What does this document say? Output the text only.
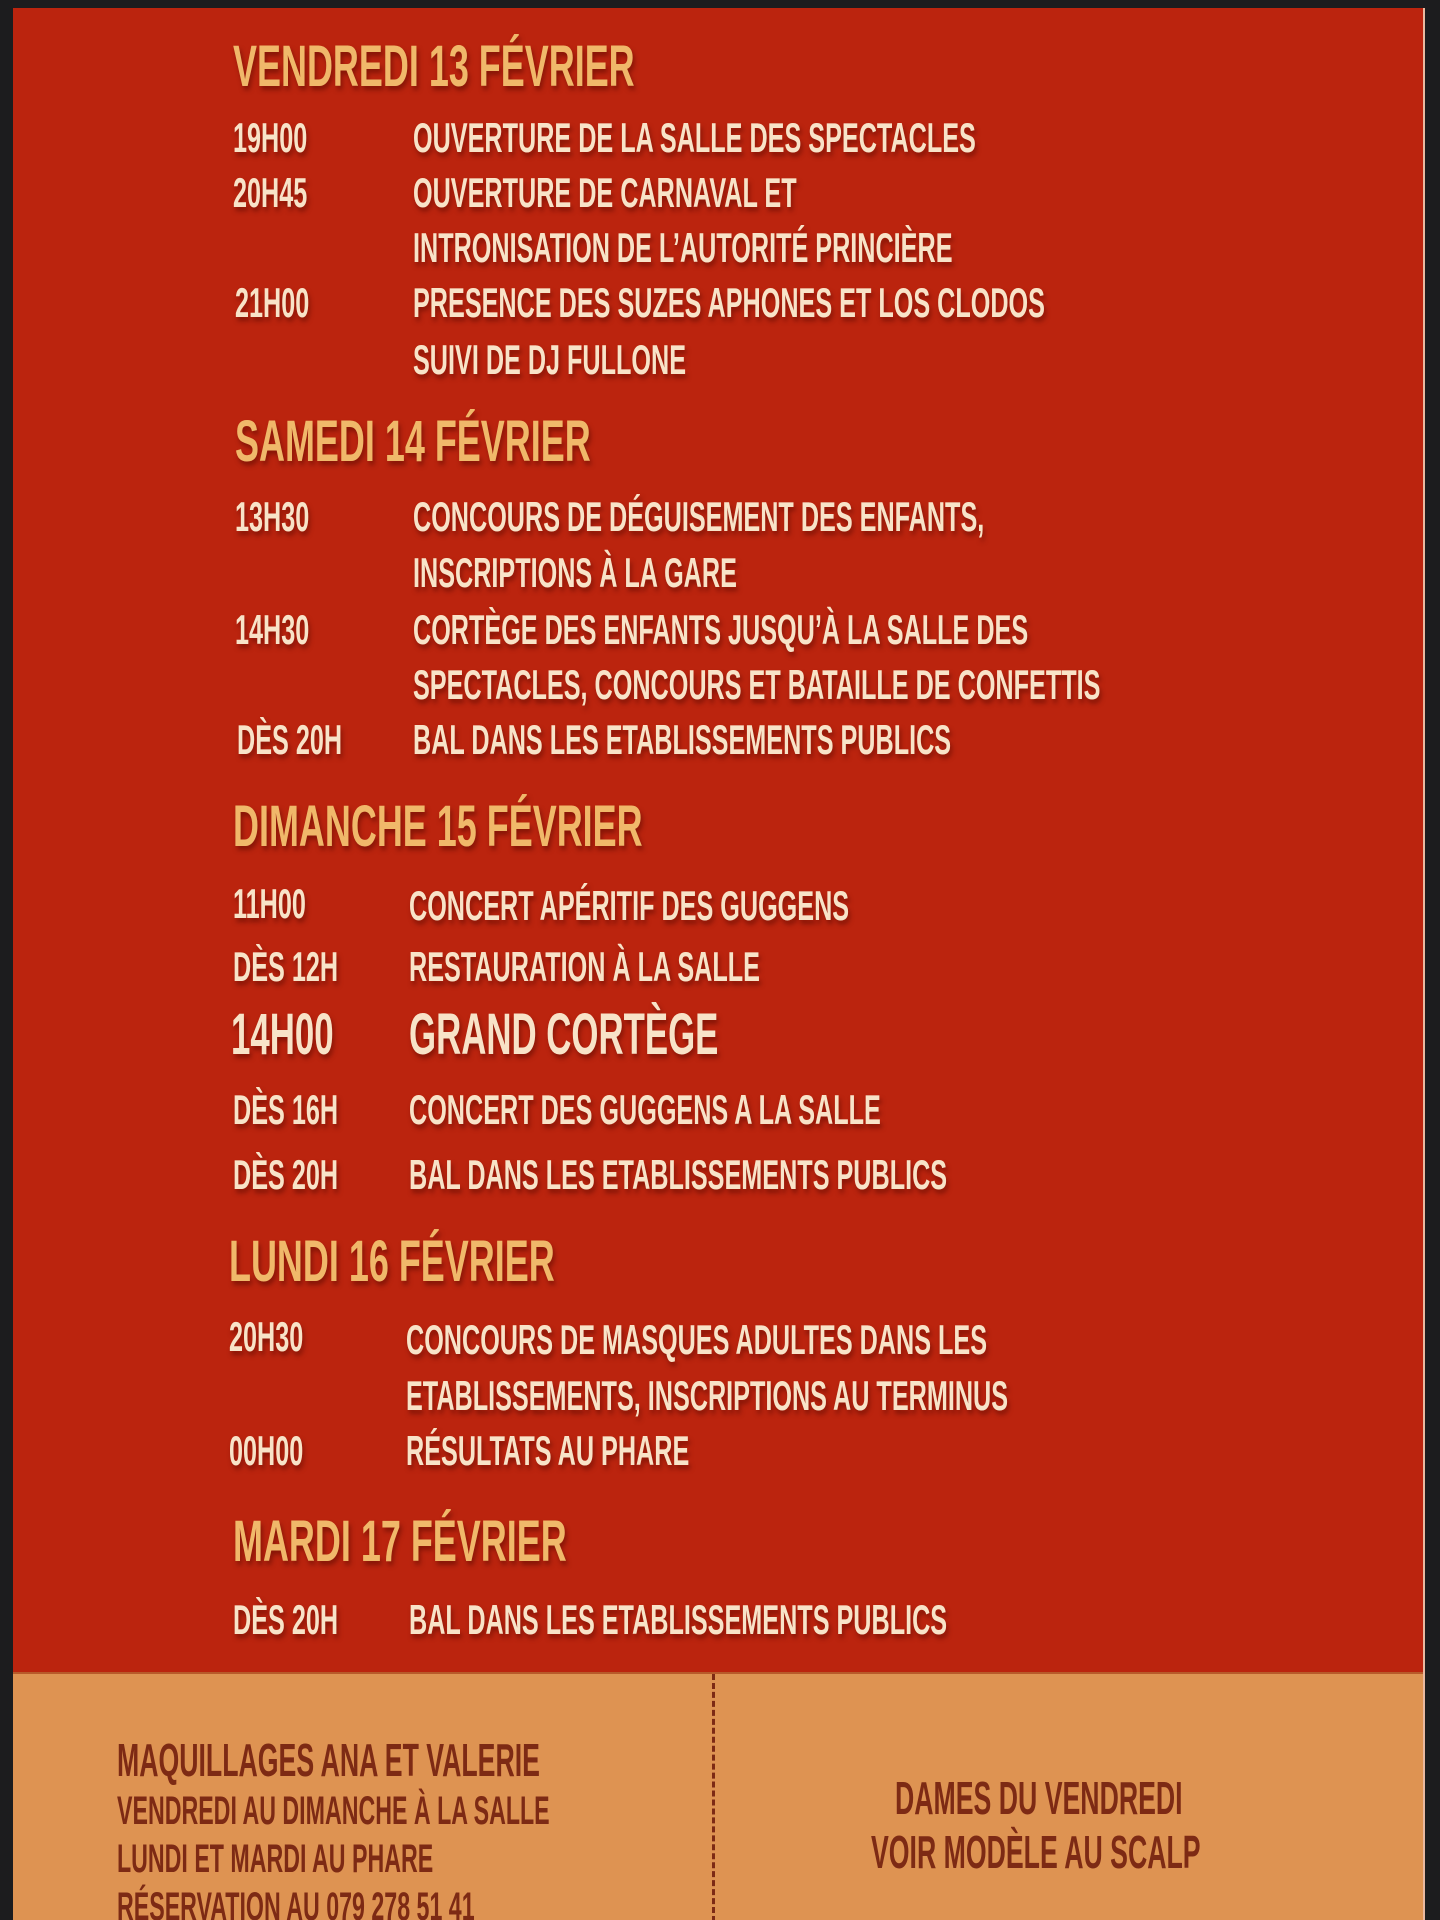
VENDREDI 13 FÉVRIER
19H00	OUVERTURE DE LA SALLE DES SPECTACLES
20H45	OUVERTURE DE CARNAVAL ET
INTRONISATION DE L’AUTORITÉ PRINCIÈRE
21H00 PRESENCE DES SUZES APHONES ET LOS CLODOS
SUIVI DE DJ FULLONE
SAMEDI 14 FÉVRIER
13H30 CONCOURS DE DÉGUISEMENT DES ENFANTS,
INSCRIPTIONS À LA GARE
14H30 CORTÈGE DES ENFANTS JUSQU’À LA SALLE DES
SPECTACLES, CONCOURS ET BATAILLE DE CONFETTIS
DÈS 20H BAL DANS LES ETABLISSEMENTS PUBLICS
DIMANCHE 15 FÉVRIER
11H00 CONCERT APÉRITIF DES GUGGENS
DÈS 12H RESTAURATION À LA SALLE
14H00 GRAND CORTÈGE
DÈS 16H CONCERT DES GUGGENS A LA SALLE
DÈS 20H BAL DANS LES ETABLISSEMENTS PUBLICS
LUNDI 16 FÉVRIER
20H30 CONCOURS DE MASQUES ADULTES DANS LES
ETABLISSEMENTS, INSCRIPTIONS AU TERMINUS
00H00 RÉSULTATS AU PHARE
MARDI 17 FÉVRIER
DÈS 20H BAL DANS LES ETABLISSEMENTS PUBLICS
MAQUILLAGES ANA ET VALERIE
VENDREDI AU DIMANCHE À LA SALLE
LUNDI ET MARDI AU PHARE
RÉSERVATION AU 079 278 51 41
DAMES DU VENDREDI
VOIR MODÈLE AU SCALP
